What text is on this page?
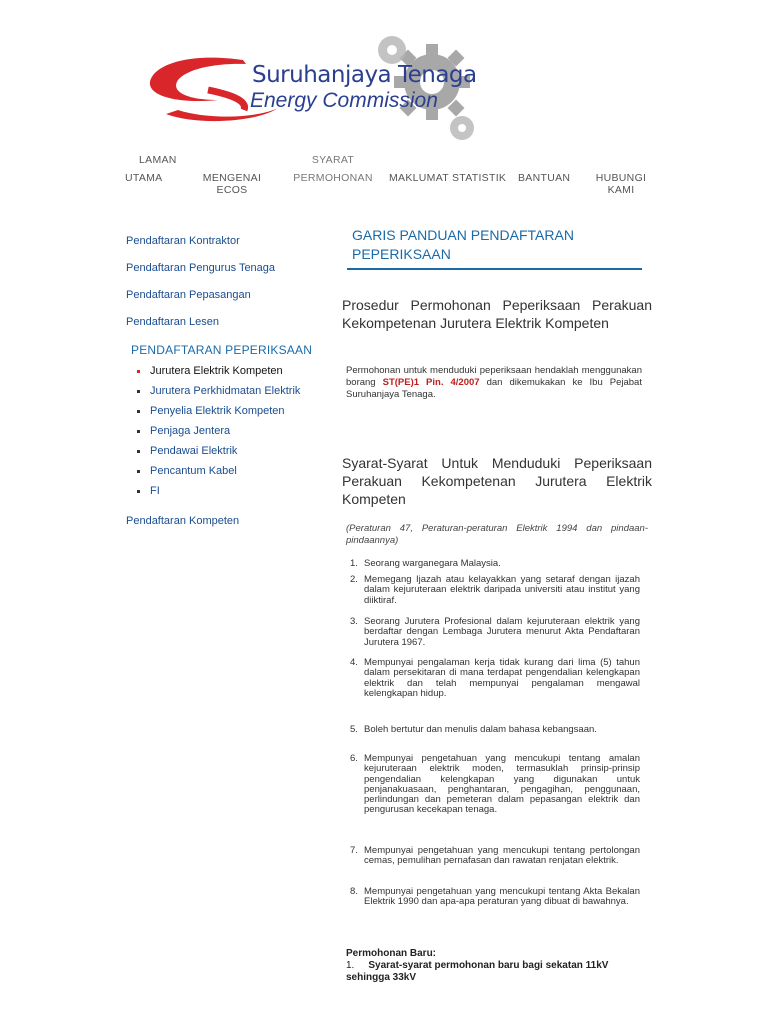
Suruhanjaya Tenaga
Energy Commission
LAMAN
UTAMA	MENGENAI
ECOS
SYARAT
PERMOHONAN	MAKLUMAT STATISTIK	BANTUAN	HUBUNGI
KAMI
Pendaftaran Kontraktor
Pendaftaran Pengurus Tenaga
Pendaftaran Pepasangan
Pendaftaran Lesen
PENDAFTARAN PEPERIKSAAN
Jurutera Elektrik Kompeten
Jurutera Perkhidmatan Elektrik
Penyelia Elektrik Kompeten
Penjaga Jentera
Pendawai Elektrik
Pencantum Kabel
FI
Pendaftaran Kompeten
GARIS PANDUAN PENDAFTARAN PEPERIKSAAN
Prosedur Permohonan Peperiksaan Perakuan Kekompetenan Jurutera Elektrik Kompeten
Permohonan untuk menduduki peperiksaan hendaklah menggunakan borang ST(PE)1 Pin. 4/2007 dan dikemukakan ke Ibu Pejabat Suruhanjaya Tenaga.
Syarat-Syarat Untuk Menduduki Peperiksaan Perakuan Kekompetenan Jurutera Elektrik Kompeten
(Peraturan 47, Peraturan-peraturan Elektrik 1994 dan pindaan-pindaannya)
1. Seorang warganegara Malaysia.
2. Memegang Ijazah atau kelayakkan yang setaraf dengan ijazah dalam kejuruteraan elektrik daripada universiti atau institut yang diiktiraf.
3. Seorang Jurutera Profesional dalam kejuruteraan elektrik yang berdaftar dengan Lembaga Jurutera menurut Akta Pendaftaran Jurutera 1967.
4. Mempunyai pengalaman kerja tidak kurang dari lima (5) tahun dalam persekitaran di mana terdapat pengendalian kelengkapan elektrik dan telah mempunyai pengalaman mengawal kelengkapan hidup.
5. Boleh bertutur dan menulis dalam bahasa kebangsaan.
6. Mempunyai pengetahuan yang mencukupi tentang amalan kejuruteraan elektrik moden, termasuklah prinsip-prinsip pengendalian kelengkapan yang digunakan untuk penjanakuasaan, penghantaran, pengagihan, penggunaan, perlindungan dan pemeteran dalam pepasangan elektrik dan pengurusan kecekapan tenaga.
7. Mempunyai pengetahuan yang mencukupi tentang pertolongan cemas, pemulihan pernafasan dan rawatan renjatan elektrik.
8. Mempunyai pengetahuan yang mencukupi tentang Akta Bekalan Elektrik 1990 dan apa-apa peraturan yang dibuat di bawahnya.
Permohonan Baru:
1. Syarat-syarat permohonan baru bagi sekatan 11kV sehingga 33kV
